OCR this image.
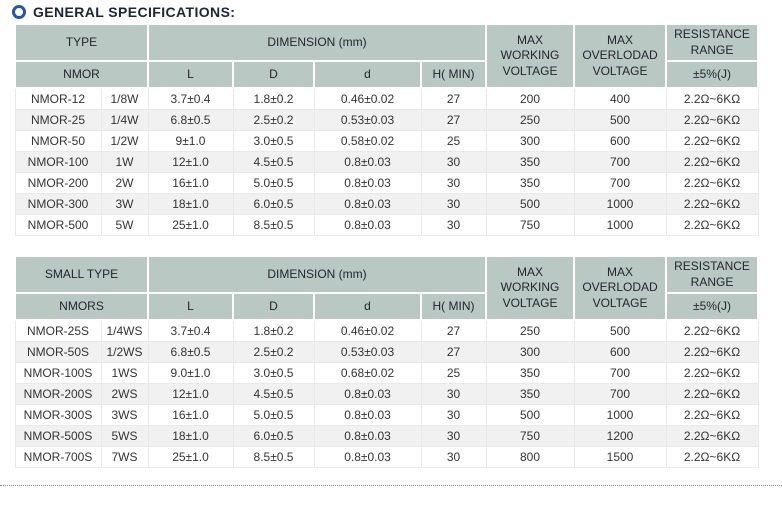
GENERAL SPECIFICATIONS:
TYPE		DIMENSION (mm)				MAX WORKING VOLTAGE	MAX OVERLODAD VOLTAGE	RESISTANCE RANGE
NMOR		L	D	d	H( MIN)			±5%(J)
NMOR-12	1/8W	3.7±0.4	1.8±0.2	0.46±0.02	27	200	400	2.2Ω~6KΩ
NMOR-25	1/4W	6.8±0.5	2.5±0.2	0.53±0.03	27	250	500	2.2Ω~6KΩ
NMOR-50	1/2W	9±1.0	3.0±0.5	0.58±0.02	25	300	600	2.2Ω~6KΩ
NMOR-100	1W	12±1.0	4.5±0.5	0.8±0.03	30	350	700	2.2Ω~6KΩ
NMOR-200	2W	16±1.0	5.0±0.5	0.8±0.03	30	350	700	2.2Ω~6KΩ
NMOR-300	3W	18±1.0	6.0±0.5	0.8±0.03	30	500	1000	2.2Ω~6KΩ
NMOR-500	5W	25±1.0	8.5±0.5	0.8±0.03	30	750	1000	2.2Ω~6KΩ
SMALL TYPE		DIMENSION (mm)				MAX WORKING VOLTAGE	MAX OVERLODAD VOLTAGE	RESISTANCE RANGE
NMORS		L	D	d	H( MIN)			±5%(J)
NMOR-25S	1/4WS	3.7±0.4	1.8±0.2	0.46±0.02	27	250	500	2.2Ω~6KΩ
NMOR-50S	1/2WS	6.8±0.5	2.5±0.2	0.53±0.03	27	300	600	2.2Ω~6KΩ
NMOR-100S	1WS	9.0±1.0	3.0±0.5	0.68±0.02	25	350	700	2.2Ω~6KΩ
NMOR-200S	2WS	12±1.0	4.5±0.5	0.8±0.03	30	350	700	2.2Ω~6KΩ
NMOR-300S	3WS	16±1.0	5.0±0.5	0.8±0.03	30	500	1000	2.2Ω~6KΩ
NMOR-500S	5WS	18±1.0	6.0±0.5	0.8±0.03	30	750	1200	2.2Ω~6KΩ
NMOR-700S	7WS	25±1.0	8.5±0.5	0.8±0.03	30	800	1500	2.2Ω~6KΩ
